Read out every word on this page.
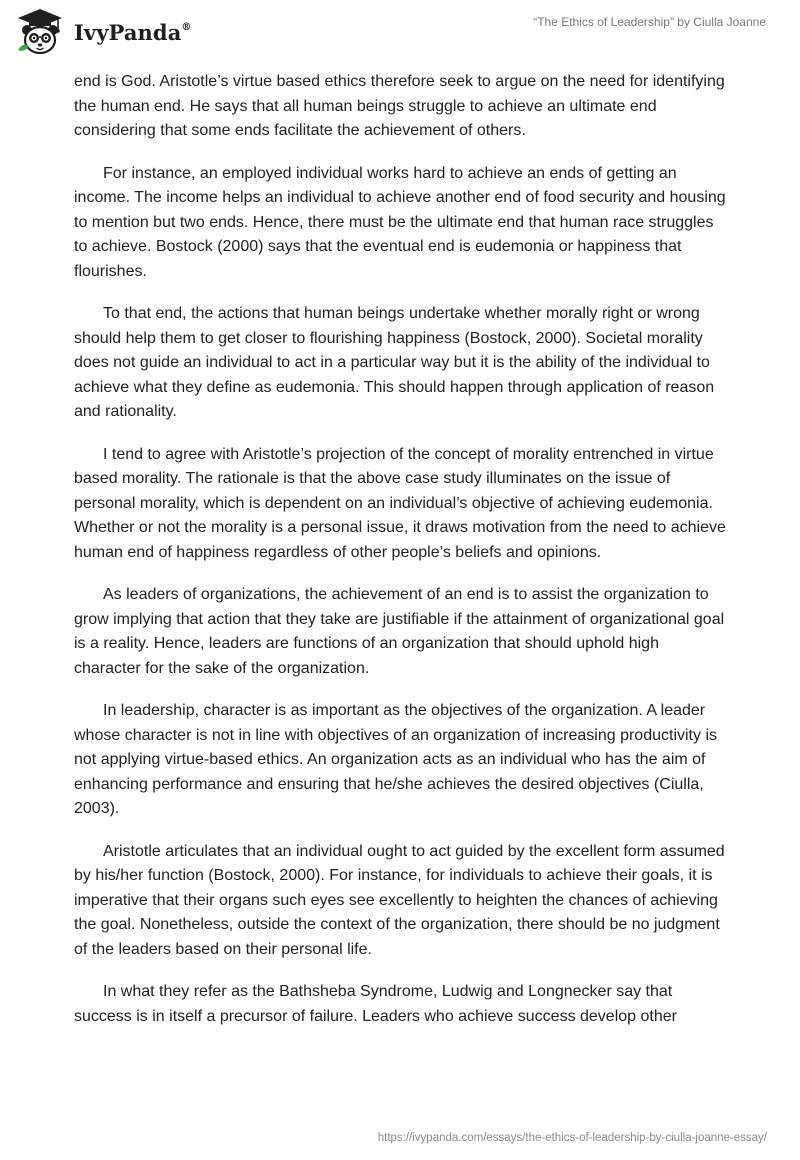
IvyPanda®	“The Ethics of Leadership” by Ciulla Joanne

end is God. Aristotle’s virtue based ethics therefore seek to argue on the need for identifying the human end. He says that all human beings struggle to achieve an ultimate end considering that some ends facilitate the achievement of others.

For instance, an employed individual works hard to achieve an ends of getting an income. The income helps an individual to achieve another end of food security and housing to mention but two ends. Hence, there must be the ultimate end that human race struggles to achieve. Bostock (2000) says that the eventual end is eudemonia or happiness that flourishes.

To that end, the actions that human beings undertake whether morally right or wrong should help them to get closer to flourishing happiness (Bostock, 2000). Societal morality does not guide an individual to act in a particular way but it is the ability of the individual to achieve what they define as eudemonia. This should happen through application of reason and rationality.

I tend to agree with Aristotle’s projection of the concept of morality entrenched in virtue based morality. The rationale is that the above case study illuminates on the issue of personal morality, which is dependent on an individual’s objective of achieving eudemonia. Whether or not the morality is a personal issue, it draws motivation from the need to achieve human end of happiness regardless of other people’s beliefs and opinions.

As leaders of organizations, the achievement of an end is to assist the organization to grow implying that action that they take are justifiable if the attainment of organizational goal is a reality. Hence, leaders are functions of an organization that should uphold high character for the sake of the organization.

In leadership, character is as important as the objectives of the organization. A leader whose character is not in line with objectives of an organization of increasing productivity is not applying virtue-based ethics. An organization acts as an individual who has the aim of enhancing performance and ensuring that he/she achieves the desired objectives (Ciulla, 2003).

Aristotle articulates that an individual ought to act guided by the excellent form assumed by his/her function (Bostock, 2000). For instance, for individuals to achieve their goals, it is imperative that their organs such eyes see excellently to heighten the chances of achieving the goal. Nonetheless, outside the context of the organization, there should be no judgment of the leaders based on their personal life.

In what they refer as the Bathsheba Syndrome, Ludwig and Longnecker say that success is in itself a precursor of failure. Leaders who achieve success develop other

https://ivypanda.com/essays/the-ethics-of-leadership-by-ciulla-joanne-essay/
